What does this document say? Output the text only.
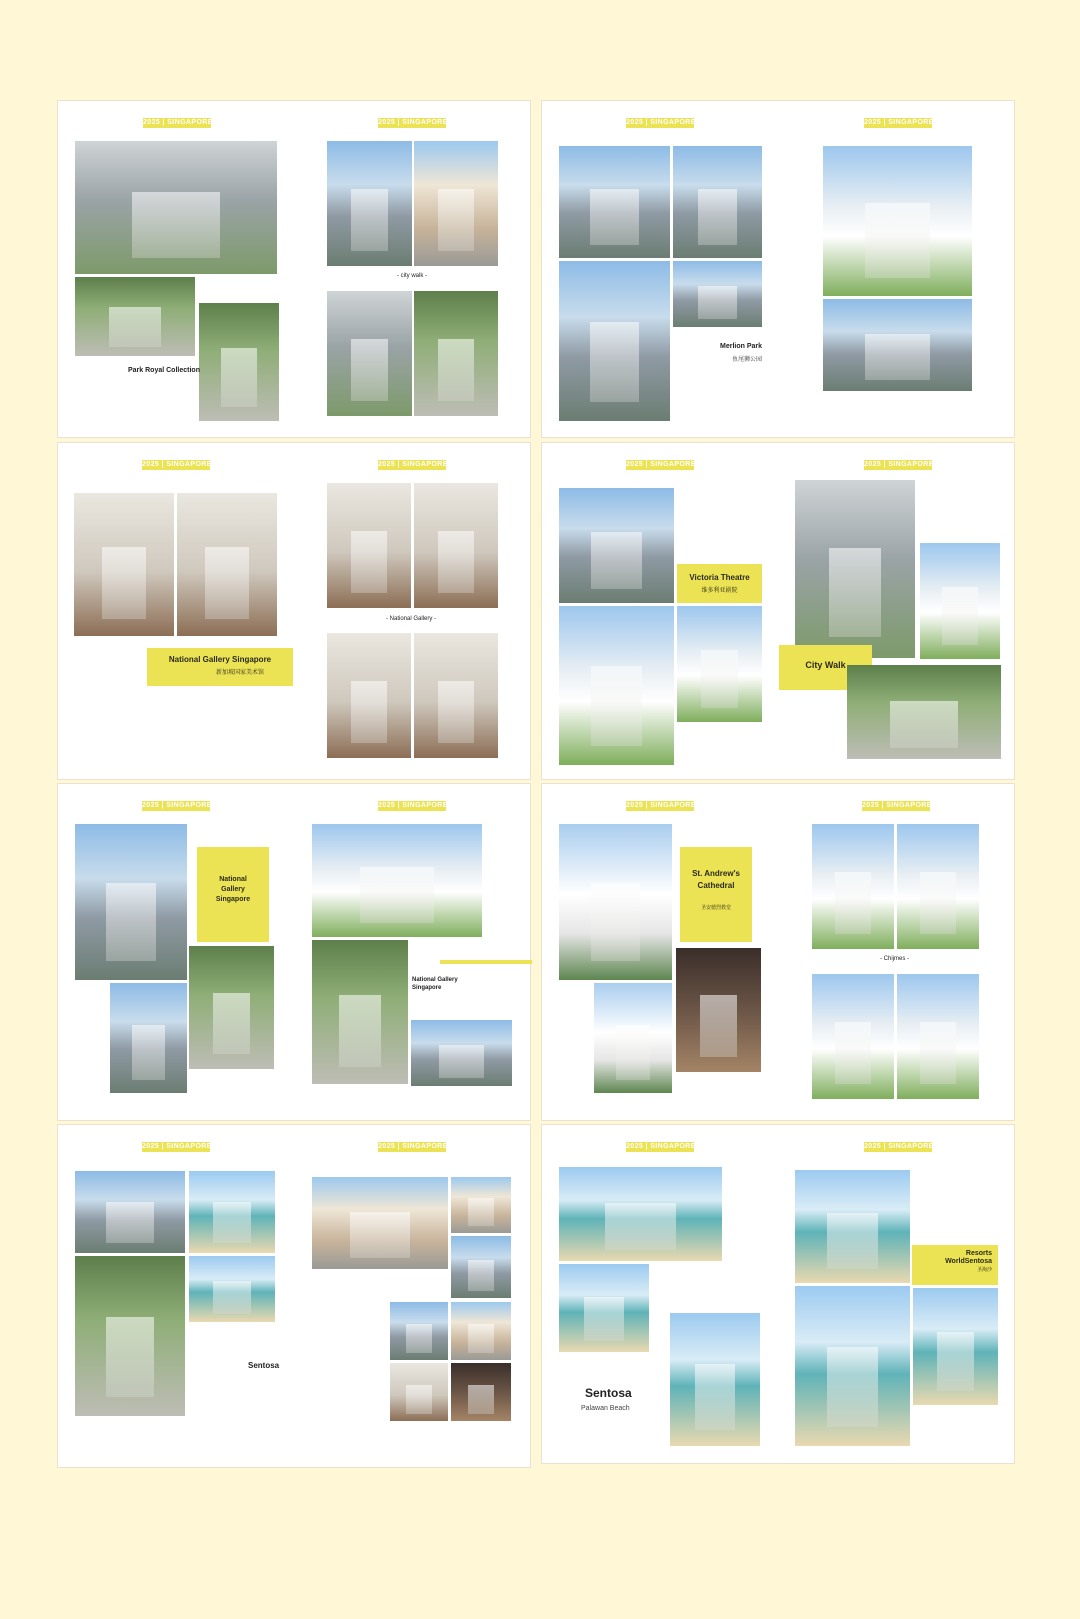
2025 | SINGAPORE	2025 | SINGAPORE
Park Royal Collection
- city walk -
2025 | SINGAPORE	2025 | SINGAPORE
Merlion Park
鱼尾狮公园
2025 | SINGAPORE	2025 | SINGAPORE
National Gallery Singapore
新加坡国家美术馆
- National Gallery -
2025 | SINGAPORE	2025 | SINGAPORE
Victoria Theatre
维多利亚剧院
City Walk
2025 | SINGAPORE	2025 | SINGAPORE
National
Gallery
Singapore
National Gallery
Singapore
2025 | SINGAPORE	2025 | SINGAPORE
St. Andrew's
Cathedral
圣安德烈教堂
- Chijmes -
2025 | SINGAPORE	2025 | SINGAPORE
Sentosa
2025 | SINGAPORE	2025 | SINGAPORE
Sentosa
Palawan Beach
Resorts
WorldSentosa
圣淘沙
